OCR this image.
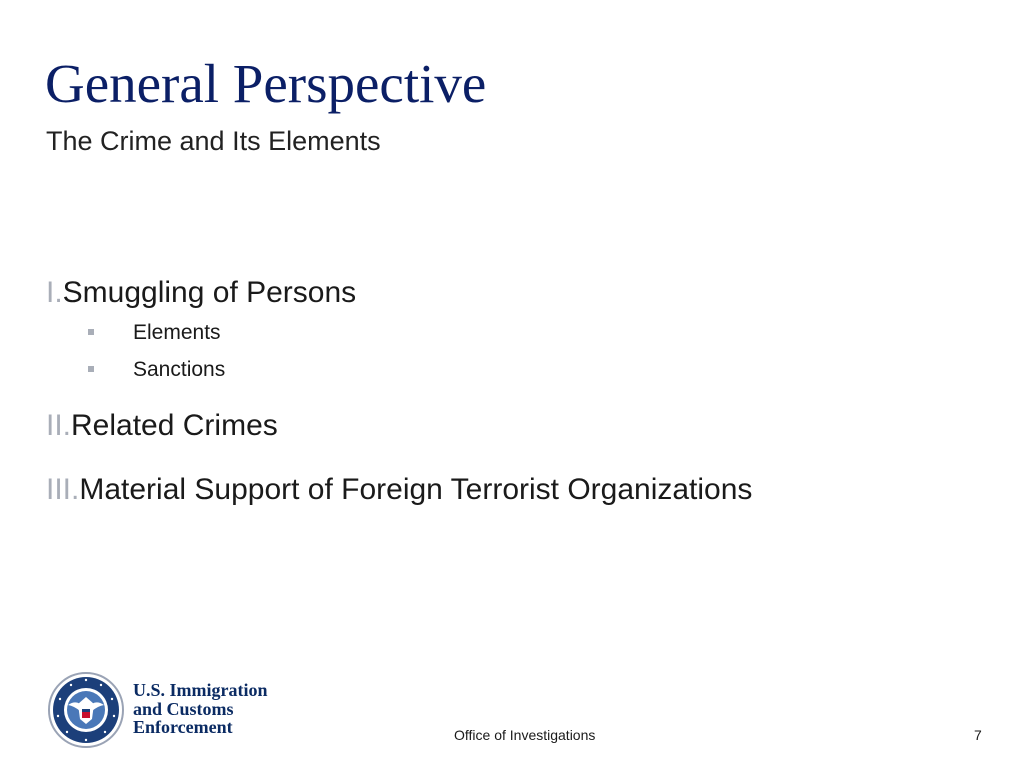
General Perspective
The Crime and Its Elements
I.Smuggling of Persons
Elements
Sanctions
II.Related Crimes
III.Material Support of Foreign Terrorist Organizations
U.S. Immigration
and Customs
Enforcement	Office of Investigations	7
